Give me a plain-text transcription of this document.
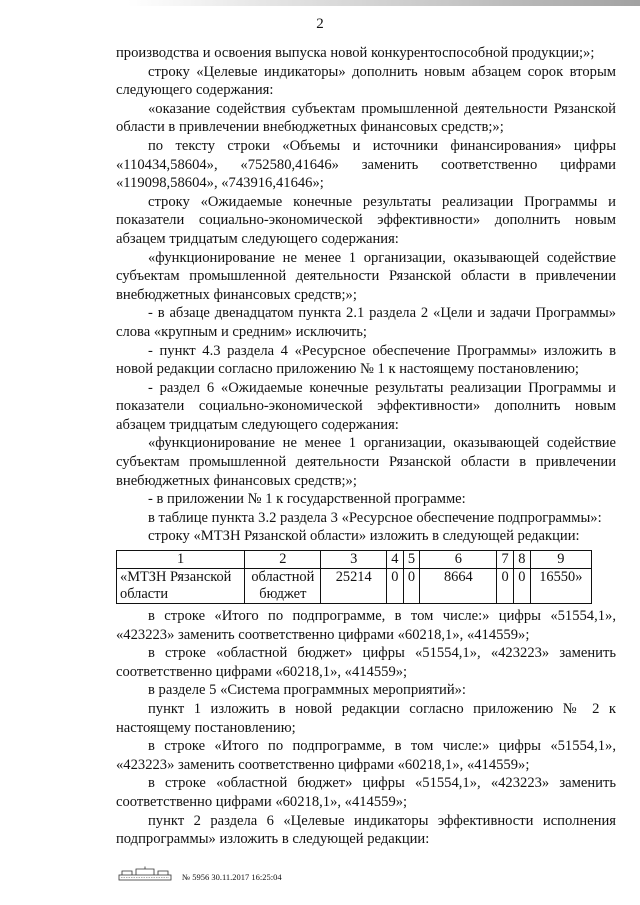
2

производства и освоения выпуска новой конкурентоспособной продукции;»;

строку «Целевые индикаторы» дополнить новым абзацем сорок вторым следующего содержания:

«оказание содействия субъектам промышленной деятельности Рязанской области в привлечении внебюджетных финансовых средств;»;

по тексту строки «Объемы и источники финансирования» цифры «110434,58604», «752580,41646» заменить соответственно цифрами «119098,58604», «743916,41646»;

строку «Ожидаемые конечные результаты реализации Программы и показатели социально-экономической эффективности» дополнить новым абзацем тридцатым следующего содержания:

«функционирование не менее 1 организации, оказывающей содействие субъектам промышленной деятельности Рязанской области в привлечении внебюджетных финансовых средств;»;

- в абзаце двенадцатом пункта 2.1 раздела 2 «Цели и задачи Программы» слова «крупным и средним» исключить;

- пункт 4.3 раздела 4 «Ресурсное обеспечение Программы» изложить в новой редакции согласно приложению № 1 к настоящему постановлению;

- раздел 6 «Ожидаемые конечные результаты реализации Программы и показатели социально-экономической эффективности» дополнить новым абзацем тридцатым следующего содержания:

«функционирование не менее 1 организации, оказывающей содействие субъектам промышленной деятельности Рязанской области в привлечении внебюджетных финансовых средств;»;

- в приложении № 1 к государственной программе:

в таблице пункта 3.2 раздела 3 «Ресурсное обеспечение подпрограммы»:

строку «МТЗН Рязанской области» изложить в следующей редакции:

1	2	3	4	5	6	7	8	9
«МТЗН Рязанской области	областной бюджет	25214	0	0	8664	0	0	16550»

в строке «Итого по подпрограмме, в том числе:» цифры «51554,1», «423223» заменить соответственно цифрами «60218,1», «414559»;

в строке «областной бюджет» цифры «51554,1», «423223» заменить соответственно цифрами «60218,1», «414559»;

в разделе 5 «Система программных мероприятий»:

пункт 1 изложить в новой редакции согласно приложению № 2 к настоящему постановлению;

в строке «Итого по подпрограмме, в том числе:» цифры «51554,1», «423223» заменить соответственно цифрами «60218,1», «414559»;

в строке «областной бюджет» цифры «51554,1», «423223» заменить соответственно цифрами «60218,1», «414559»;

пункт 2 раздела 6 «Целевые индикаторы эффективности исполнения подпрограммы» изложить в следующей редакции:

№ 5956 30.11.2017 16:25:04
